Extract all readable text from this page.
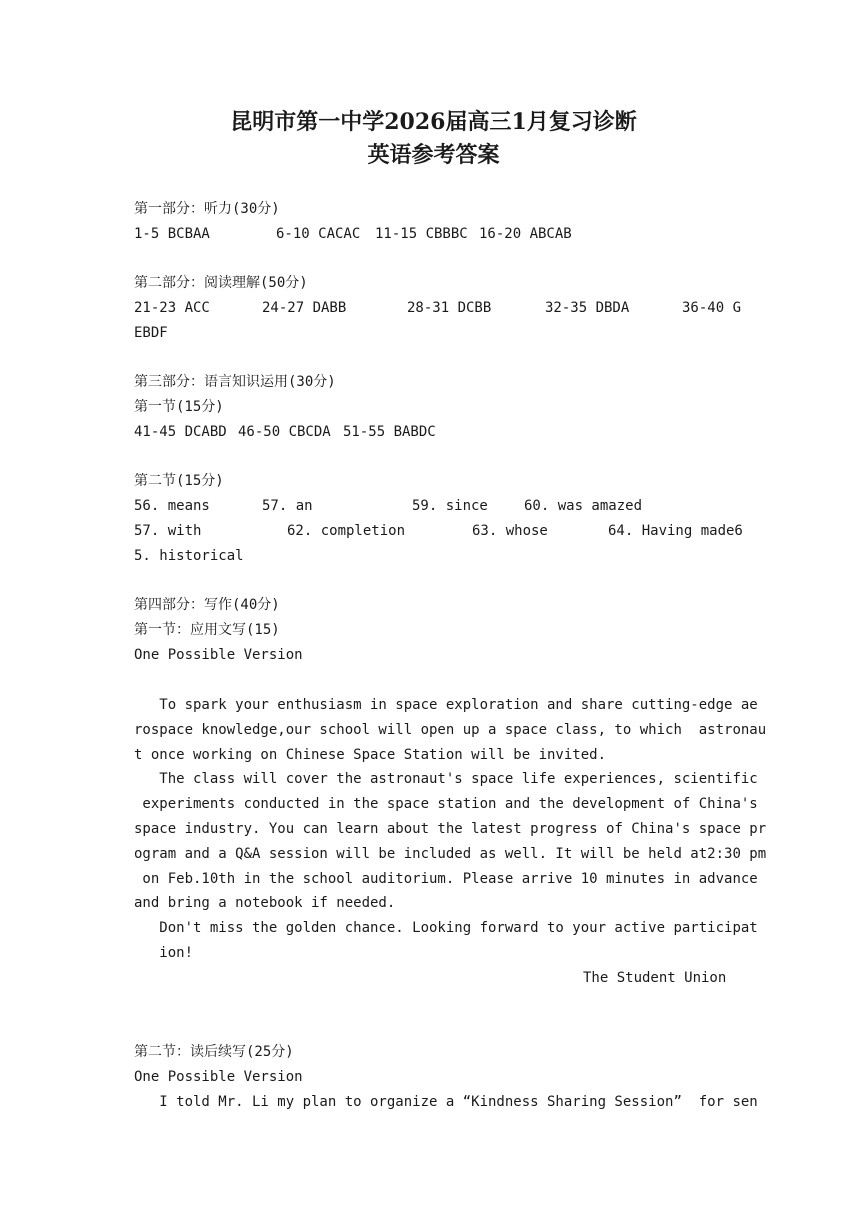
昆明市第一中学2026届高三1月复习诊断
英语参考答案
第一部分：听力(30分)
1-5 BCBAA	6-10 CACAC 11-15 CBBBC 16-20 ABCAB
第二部分：阅读理解(50分)
21-23 ACC	24-27 DABB	28-31 DCBB	32-35 DBDA	36-40 G
EBDF
第三部分：语言知识运用(30分)
第一节(15分)
41-45 DCABD 46-50 CBCDA 51-55 BABDC
第二节(15分)
56. means	57. an	59. since	60. was amazed
57. with	62. completion	63. whose	64. Having made6
5. historical
第四部分：写作(40分)
第一节：应用文写(15)
One Possible Version
To spark your enthusiasm in space exploration and share cutting-edge ae
rospace knowledge,our school will open up a space class, to which  astronau
t once working on Chinese Space Station will be invited.
The class will cover the astronaut's space life experiences, scientific
experiments conducted in the space station and the development of China's
space industry. You can learn about the latest progress of China's space pr
ogram and a Q&A session will be included as well. It will be held at2:30 pm
on Feb.10th in the school auditorium. Please arrive 10 minutes in advance
and bring a notebook if needed.
Don't miss the golden chance. Looking forward to your active participat
ion!
The Student Union
第二节：读后续写(25分)
One Possible Version
I told Mr. Li my plan to organize a “Kindness Sharing Session”  for sen
